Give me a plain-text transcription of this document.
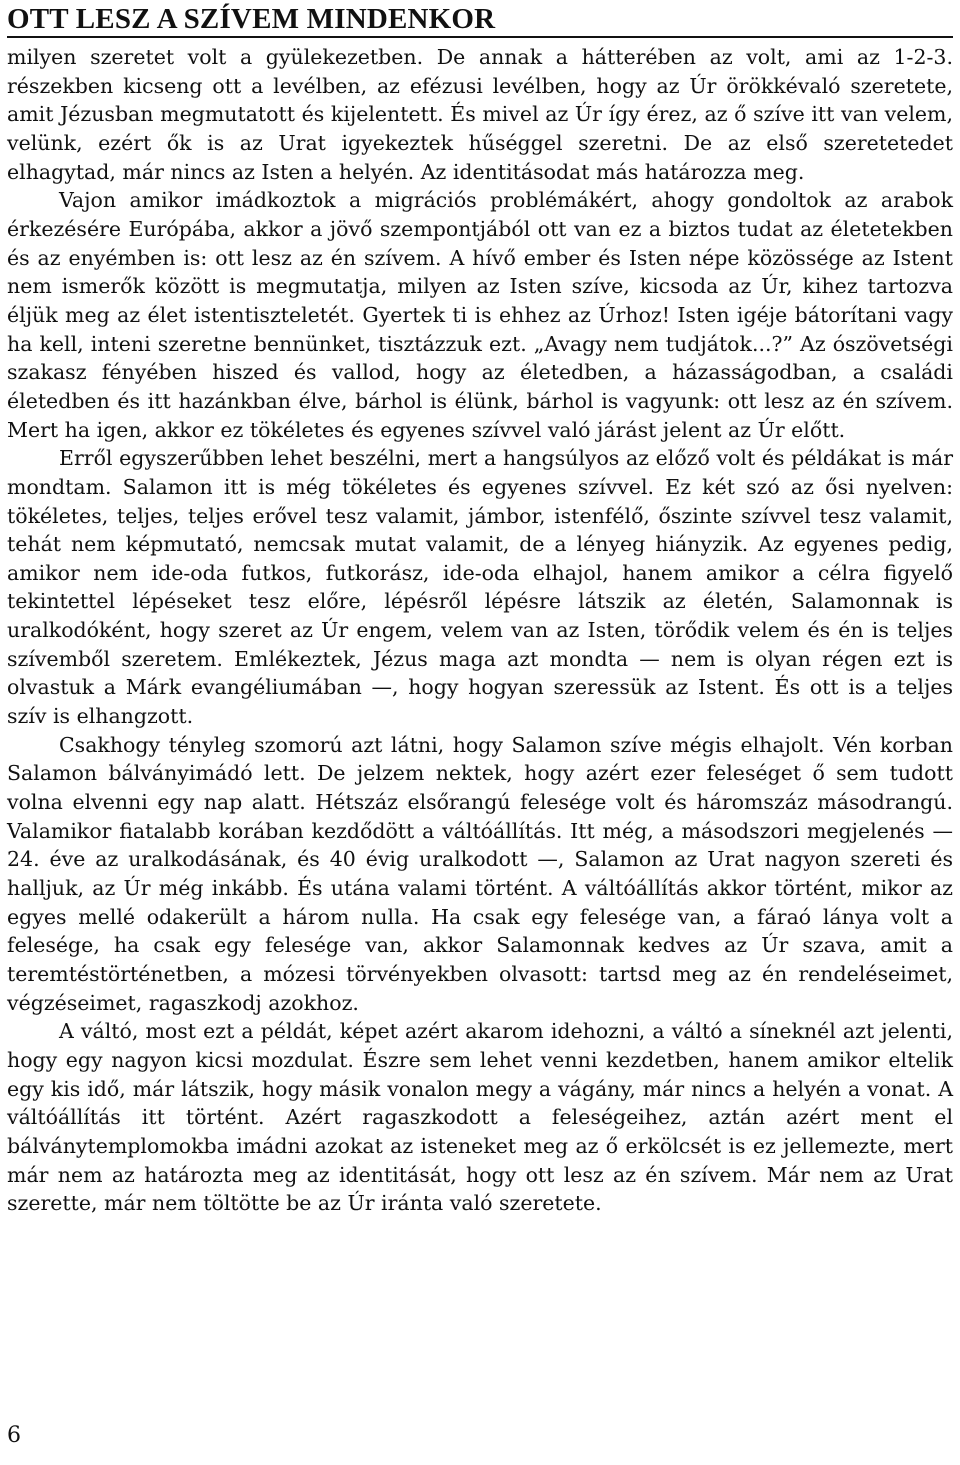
OTT LESZ A SZÍVEM MINDENKOR

milyen szeretet volt a gyülekezetben. De annak a hátterében az volt, ami az 1-2-3. részekben kicseng ott a levélben, az efézusi levélben, hogy az Úr örökkévaló szeretete, amit Jézusban megmutatott és kijelentett. És mivel az Úr így érez, az ő szíve itt van velem, velünk, ezért ők is az Urat igyekeztek hűséggel szeretni. De az első szeretetedet elhagytad, már nincs az Isten a helyén. Az identitásodat más határozza meg.

Vajon amikor imádkoztok a migrációs problémákért, ahogy gondoltok az arabok érkezésére Európába, akkor a jövő szempontjából ott van ez a biztos tudat az életetekben és az enyémben is: ott lesz az én szívem. A hívő ember és Isten népe közössége az Istent nem ismerők között is megmutatja, milyen az Isten szíve, kicsoda az Úr, kihez tartozva éljük meg az élet istentiszteletét. Gyertek ti is ehhez az Úrhoz! Isten igéje bátorítani vagy ha kell, inteni szeretne bennünket, tisztázzuk ezt. „Avagy nem tudjátok...?” Az ószövetségi szakasz fényében hiszed és vallod, hogy az életedben, a házasságodban, a családi életedben és itt hazánkban élve, bárhol is élünk, bárhol is vagyunk: ott lesz az én szívem. Mert ha igen, akkor ez tökéletes és egyenes szívvel való járást jelent az Úr előtt.

Erről egyszerűbben lehet beszélni, mert a hangsúlyos az előző volt és példákat is már mondtam. Salamon itt is még tökéletes és egyenes szívvel. Ez két szó az ősi nyelven: tökéletes, teljes, teljes erővel tesz valamit, jámbor, istenfélő, őszinte szívvel tesz valamit, tehát nem képmutató, nemcsak mutat valamit, de a lényeg hiányzik. Az egyenes pedig, amikor nem ide-oda futkos, futkorász, ide-oda elhajol, hanem amikor a célra figyelő tekintettel lépéseket tesz előre, lépésről lépésre látszik az életén, Salamonnak is uralkodóként, hogy szeret az Úr engem, velem van az Isten, törődik velem és én is teljes szívemből szeretem. Emlékeztek, Jézus maga azt mondta — nem is olyan régen ezt is olvastuk a Márk evangéliumában —, hogy hogyan szeressük az Istent. És ott is a teljes szív is elhangzott.

Csakhogy tényleg szomorú azt látni, hogy Salamon szíve mégis elhajolt. Vén korban Salamon bálványimádó lett. De jelzem nektek, hogy azért ezer feleséget ő sem tudott volna elvenni egy nap alatt. Hétszáz elsőrangú felesége volt és háromszáz másodrangú. Valamikor fiatalabb korában kezdődött a váltóállítás. Itt még, a másodszori megjelenés — 24. éve az uralkodásának, és 40 évig uralkodott —, Salamon az Urat nagyon szereti és halljuk, az Úr még inkább. És utána valami történt. A váltóállítás akkor történt, mikor az egyes mellé odakerült a három nulla. Ha csak egy felesége van, a fáraó lánya volt a felesége, ha csak egy felesége van, akkor Salamonnak kedves az Úr szava, amit a teremtéstörténetben, a mózesi törvényekben olvasott: tartsd meg az én rendeléseimet, végzéseimet, ragaszkodj azokhoz.

A váltó, most ezt a példát, képet azért akarom idehozni, a váltó a síneknél azt jelenti, hogy egy nagyon kicsi mozdulat. Észre sem lehet venni kezdetben, hanem amikor eltelik egy kis idő, már látszik, hogy másik vonalon megy a vágány, már nincs a helyén a vonat. A váltóállítás itt történt. Azért ragaszkodott a feleségeihez, aztán azért ment el bálványtemplomokba imádni azokat az isteneket meg az ő erkölcsét is ez jellemezte, mert már nem az határozta meg az identitását, hogy ott lesz az én szívem. Már nem az Urat szerette, már nem töltötte be az Úr iránta való szeretete.

6
